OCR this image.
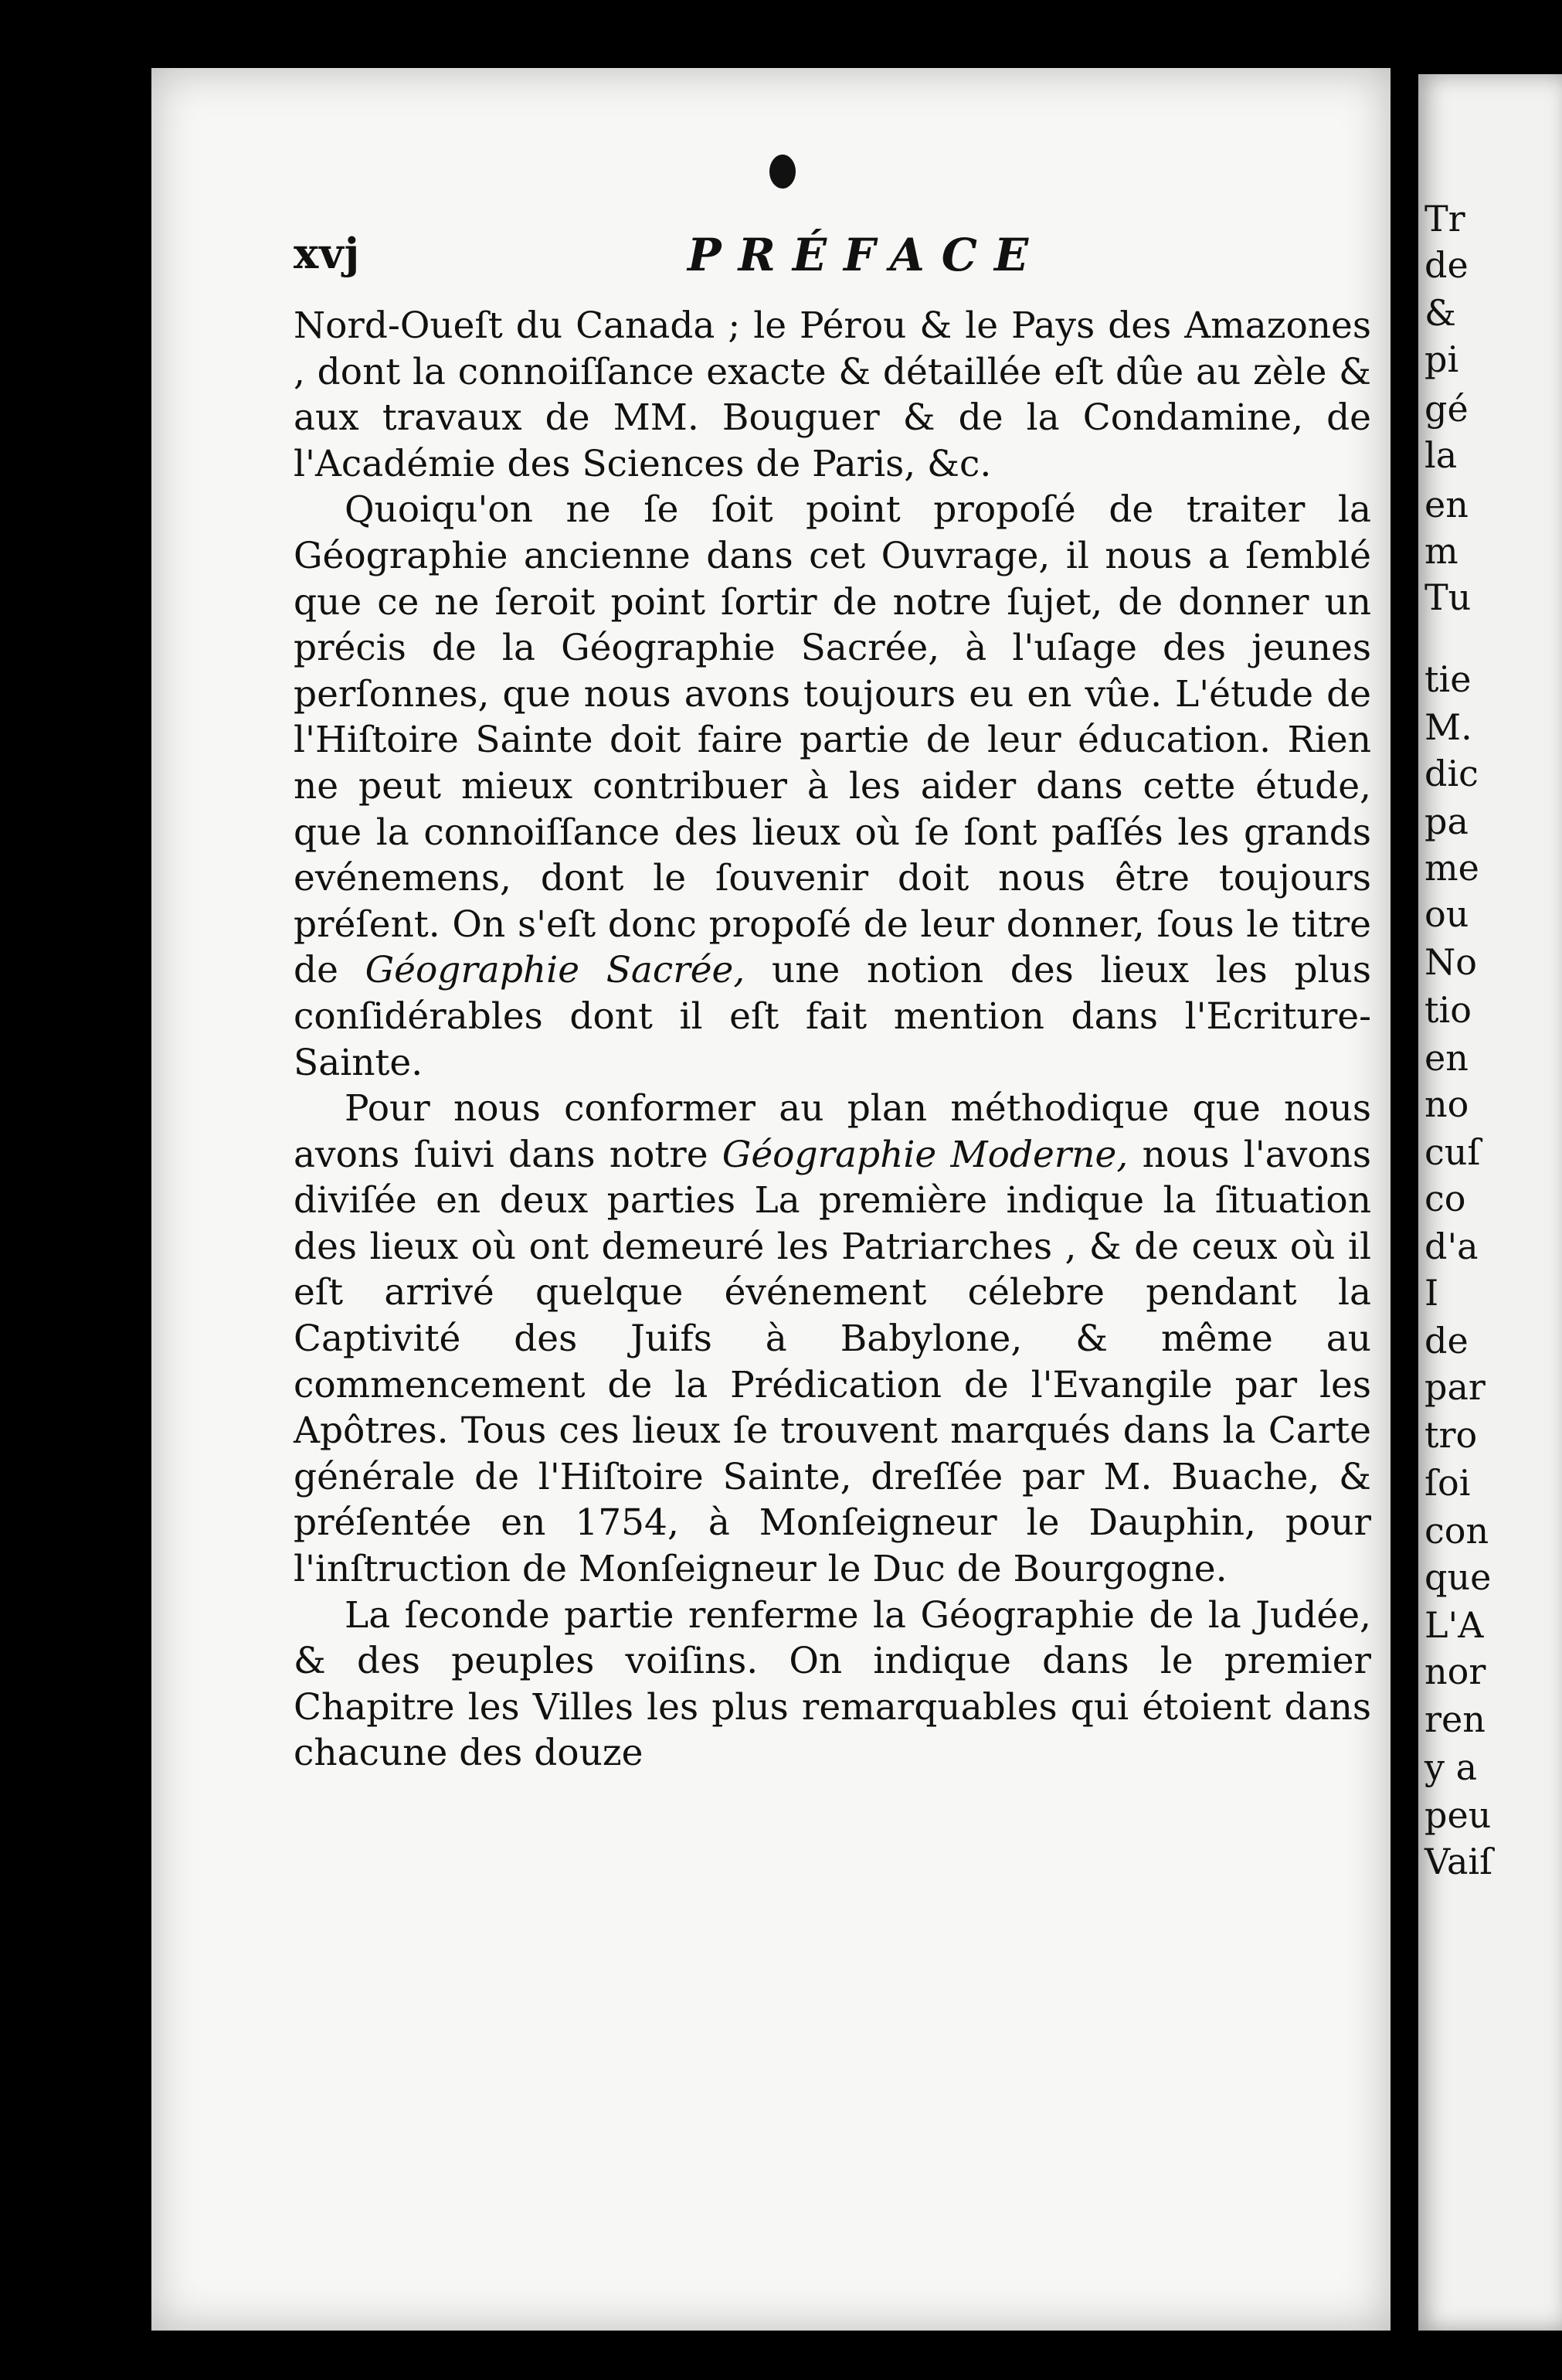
Tr
de
&
pi
gé
la
en
m
Tu
tie
M.
dic
pa
me
ou
No
tio
en
no
cuſ
co
d'a
I
de
par
tro
ſoi
con
que
L'A
nor
ren
y a
peu
Vaiſ
xvj	PRÉFACE

Nord-Oueſt du Canada ; le Pérou & le Pays des Amazones , dont la connoiſſance exacte & détaillée eſt dûe au zèle & aux travaux de MM. Bouguer & de la Condamine, de l'Académie des Sciences de Paris, &c.

Quoiqu'on ne ſe ſoit point propoſé de traiter la Géographie ancienne dans cet Ouvrage, il nous a ſemblé que ce ne ſeroit point ſortir de notre ſujet, de donner un précis de la Géographie Sacrée, à l'uſage des jeunes perſonnes, que nous avons toujours eu en vûe. L'étude de l'Hiſtoire Sainte doit faire partie de leur éducation. Rien ne peut mieux contribuer à les aider dans cette étude, que la connoiſſance des lieux où ſe ſont paſſés les grands evénemens, dont le ſouvenir doit nous être toujours préſent. On s'eſt donc propoſé de leur donner, ſous le titre de Géographie Sacrée, une notion des lieux les plus conſidérables dont il eſt fait mention dans l'Ecriture-Sainte.

Pour nous conformer au plan méthodique que nous avons ſuivi dans notre Géographie Moderne, nous l'avons diviſée en deux parties La première indique la ſituation des lieux où ont demeuré les Patriarches , & de ceux où il eſt arrivé quelque événement célebre pendant la Captivité des Juifs à Babylone, & même au commencement de la Prédication de l'Evangile par les Apôtres. Tous ces lieux ſe trouvent marqués dans la Carte générale de l'Hiſtoire Sainte, dreſſée par M. Buache, & préſentée en 1754, à Monſeigneur le Dauphin, pour l'inſtruction de Monſeigneur le Duc de Bourgogne.

La ſeconde partie renferme la Géographie de la Judée, & des peuples voiſins. On indique dans le premier Chapitre les Villes les plus remarquables qui étoient dans chacune des douze
